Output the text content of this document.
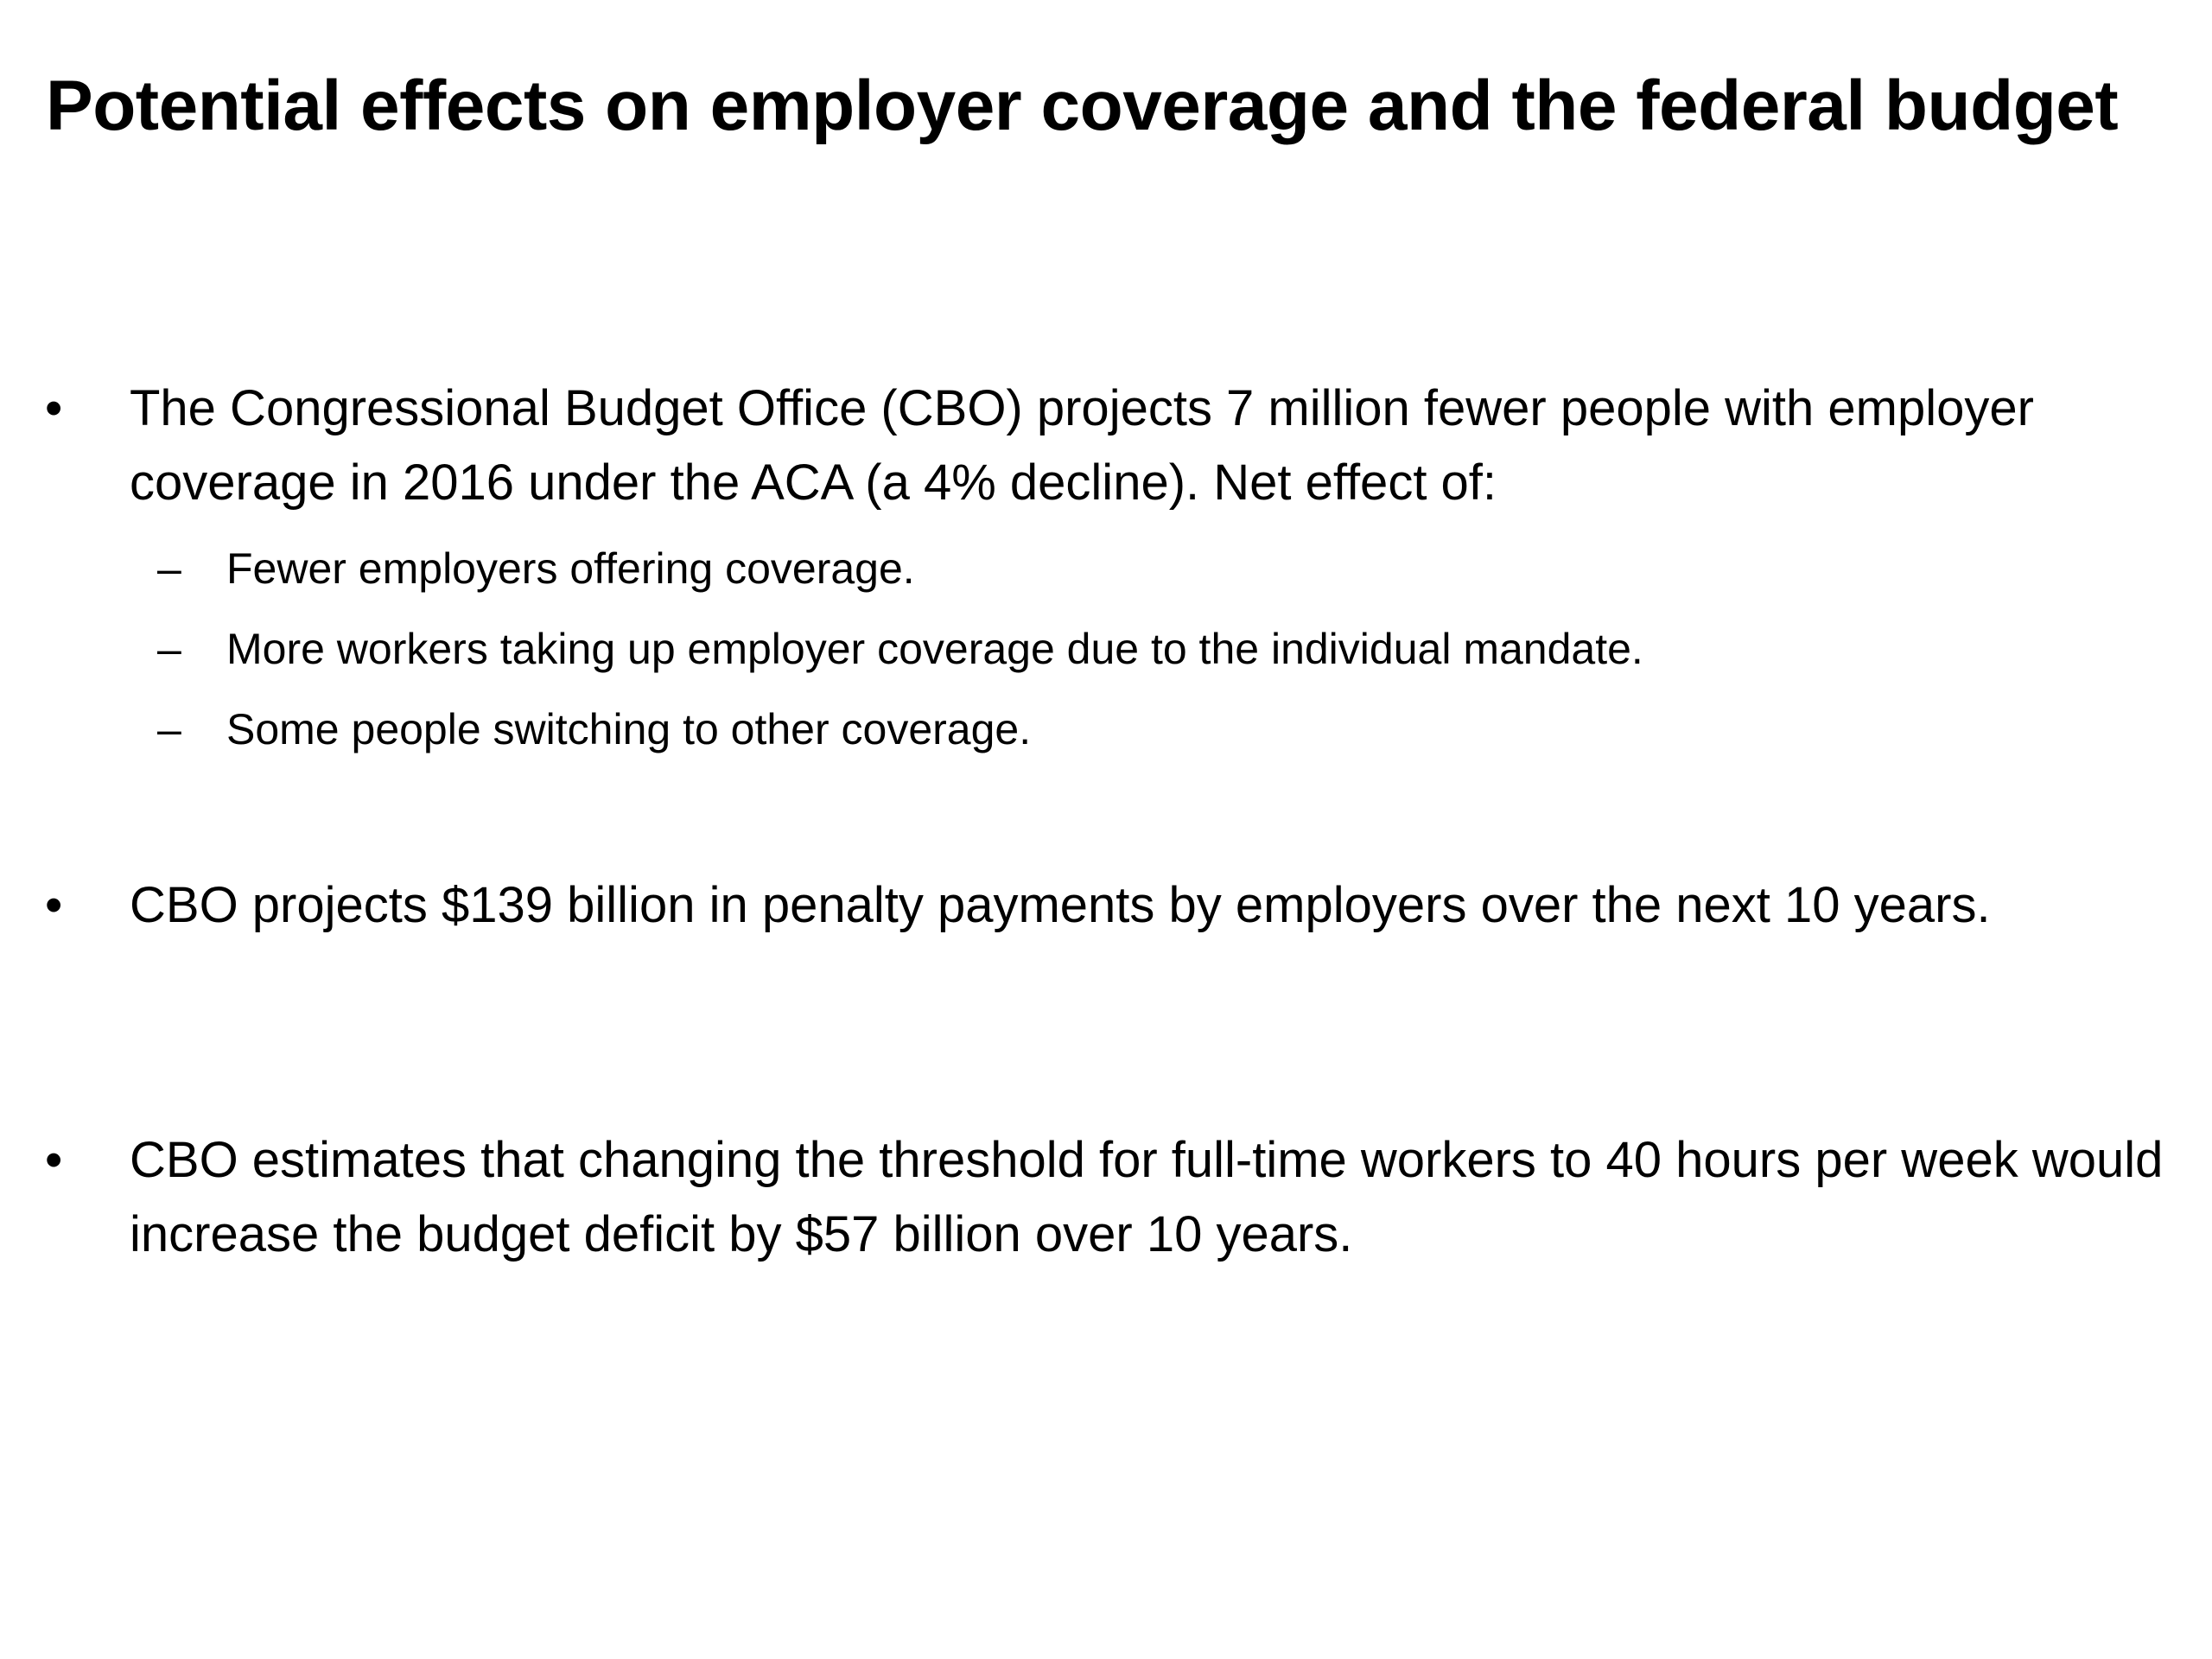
Potential effects on employer coverage and the federal budget
• The Congressional Budget Office (CBO) projects 7 million fewer people with employer coverage in 2016 under the ACA (a 4% decline). Net effect of:

– Fewer employers offering coverage.
– More workers taking up employer coverage due to the individual mandate.
– Some people switching to other coverage.
• CBO projects $139 billion in penalty payments by employers over the next 10 years.

• CBO estimates that changing the threshold for full-time workers to 40 hours per week would increase the budget deficit by $57 billion over 10 years.
